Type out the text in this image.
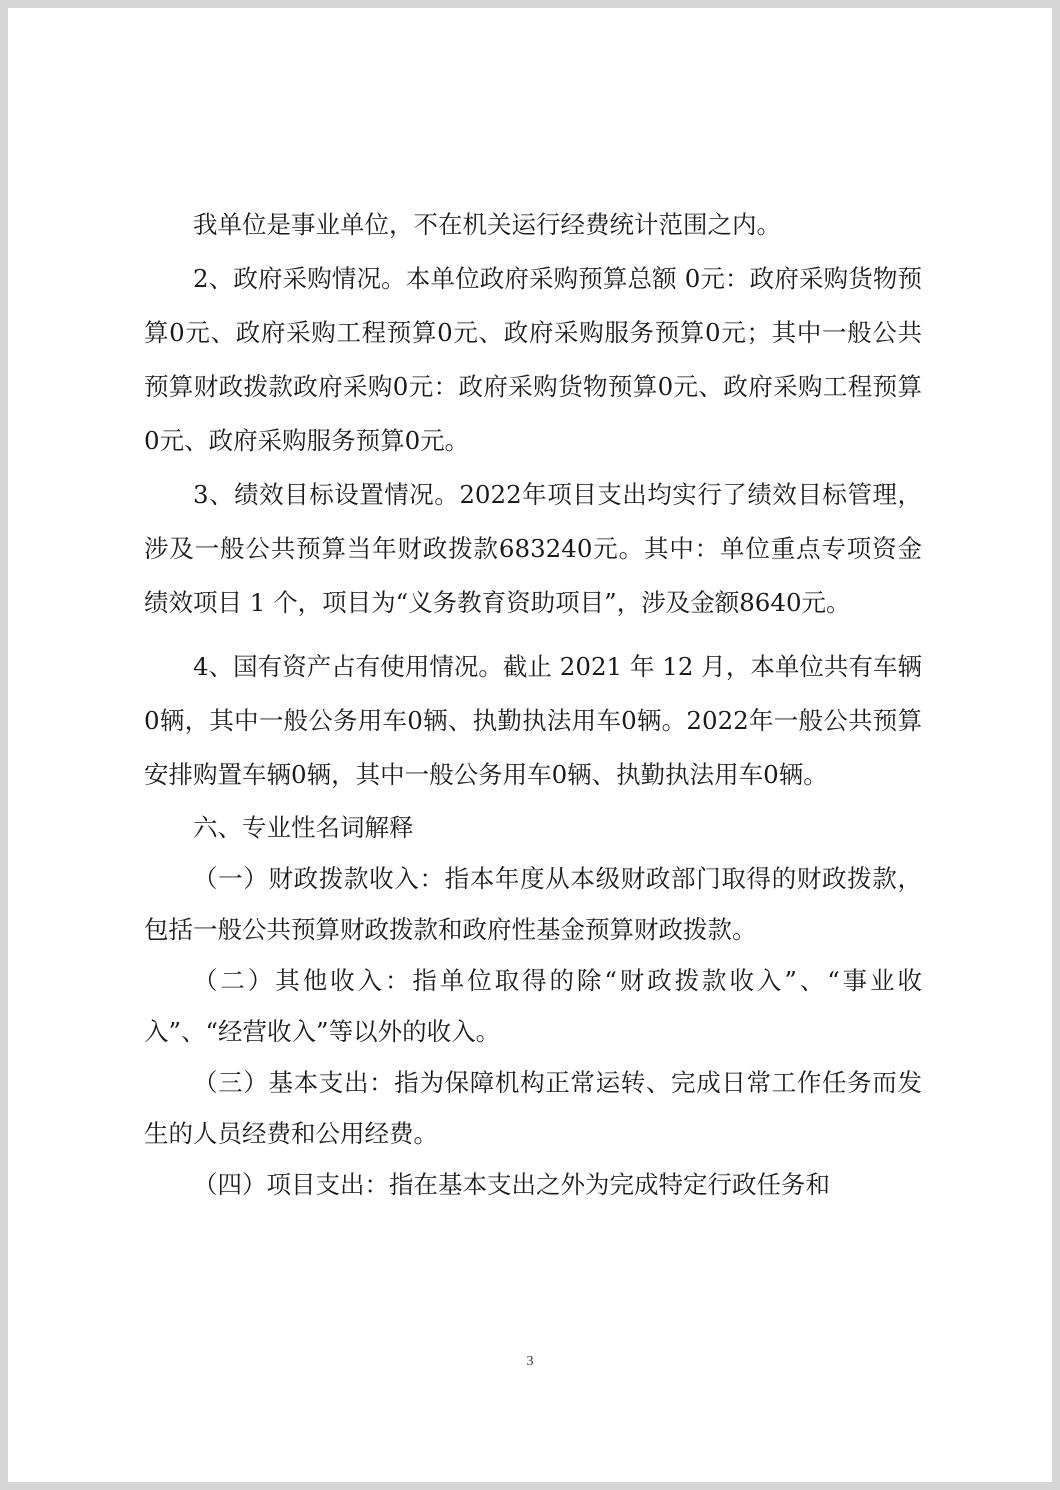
我单位是事业单位，不在机关运行经费统计范围之内。

2、政府采购情况。本单位政府采购预算总额 0元：政府采购货物预算0元、政府采购工程预算0元、政府采购服务预算0元；其中一般公共预算财政拨款政府采购0元：政府采购货物预算0元、政府采购工程预算0元、政府采购服务预算0元。

3、绩效目标设置情况。2022年项目支出均实行了绩效目标管理，涉及一般公共预算当年财政拨款683240元。其中：单位重点专项资金绩效项目 1 个，项目为“义务教育资助项目”，涉及金额8640元。

4、国有资产占有使用情况。截止 2021 年 12 月，本单位共有车辆0辆，其中一般公务用车0辆、执勤执法用车0辆。2022年一般公共预算安排购置车辆0辆，其中一般公务用车0辆、执勤执法用车0辆。

六、专业性名词解释

（一）财政拨款收入：指本年度从本级财政部门取得的财政拨款，包括一般公共预算财政拨款和政府性基金预算财政拨款。

（二）其他收入：指单位取得的除“财政拨款收入”、“事业收入”、“经营收入”等以外的收入。

（三）基本支出：指为保障机构正常运转、完成日常工作任务而发生的人员经费和公用经费。

（四）项目支出：指在基本支出之外为完成特定行政任务和

3
